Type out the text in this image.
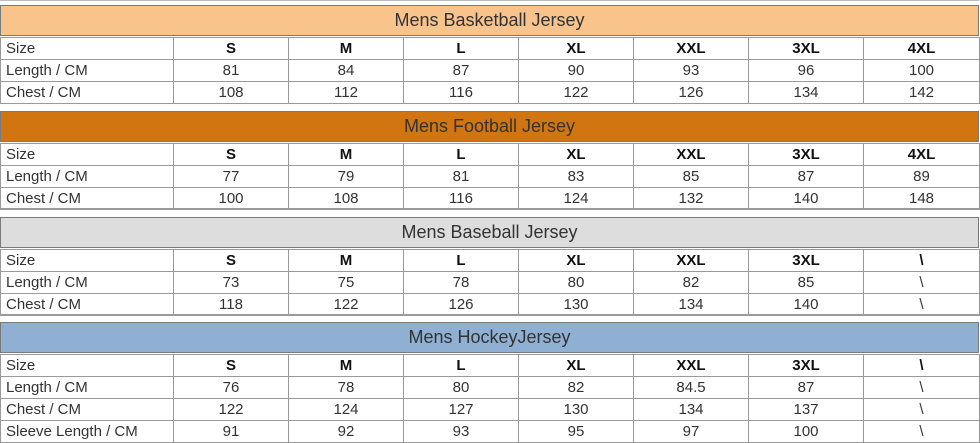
Mens Basketball Jersey
Size	S	M	L	XL	XXL	3XL	4XL
Length / CM	81	84	87	90	93	96	100
Chest / CM	108	112	116	122	126	134	142
Mens Football Jersey
Size	S	M	L	XL	XXL	3XL	4XL
Length / CM	77	79	81	83	85	87	89
Chest / CM	100	108	116	124	132	140	148
Mens Baseball Jersey
Size	S	M	L	XL	XXL	3XL	\
Length / CM	73	75	78	80	82	85	\
Chest / CM	118	122	126	130	134	140	\
Mens HockeyJersey
Size	S	M	L	XL	XXL	3XL	\
Length / CM	76	78	80	82	84.5	87	\
Chest / CM	122	124	127	130	134	137	\
Sleeve Length / CM	91	92	93	95	97	100	\
